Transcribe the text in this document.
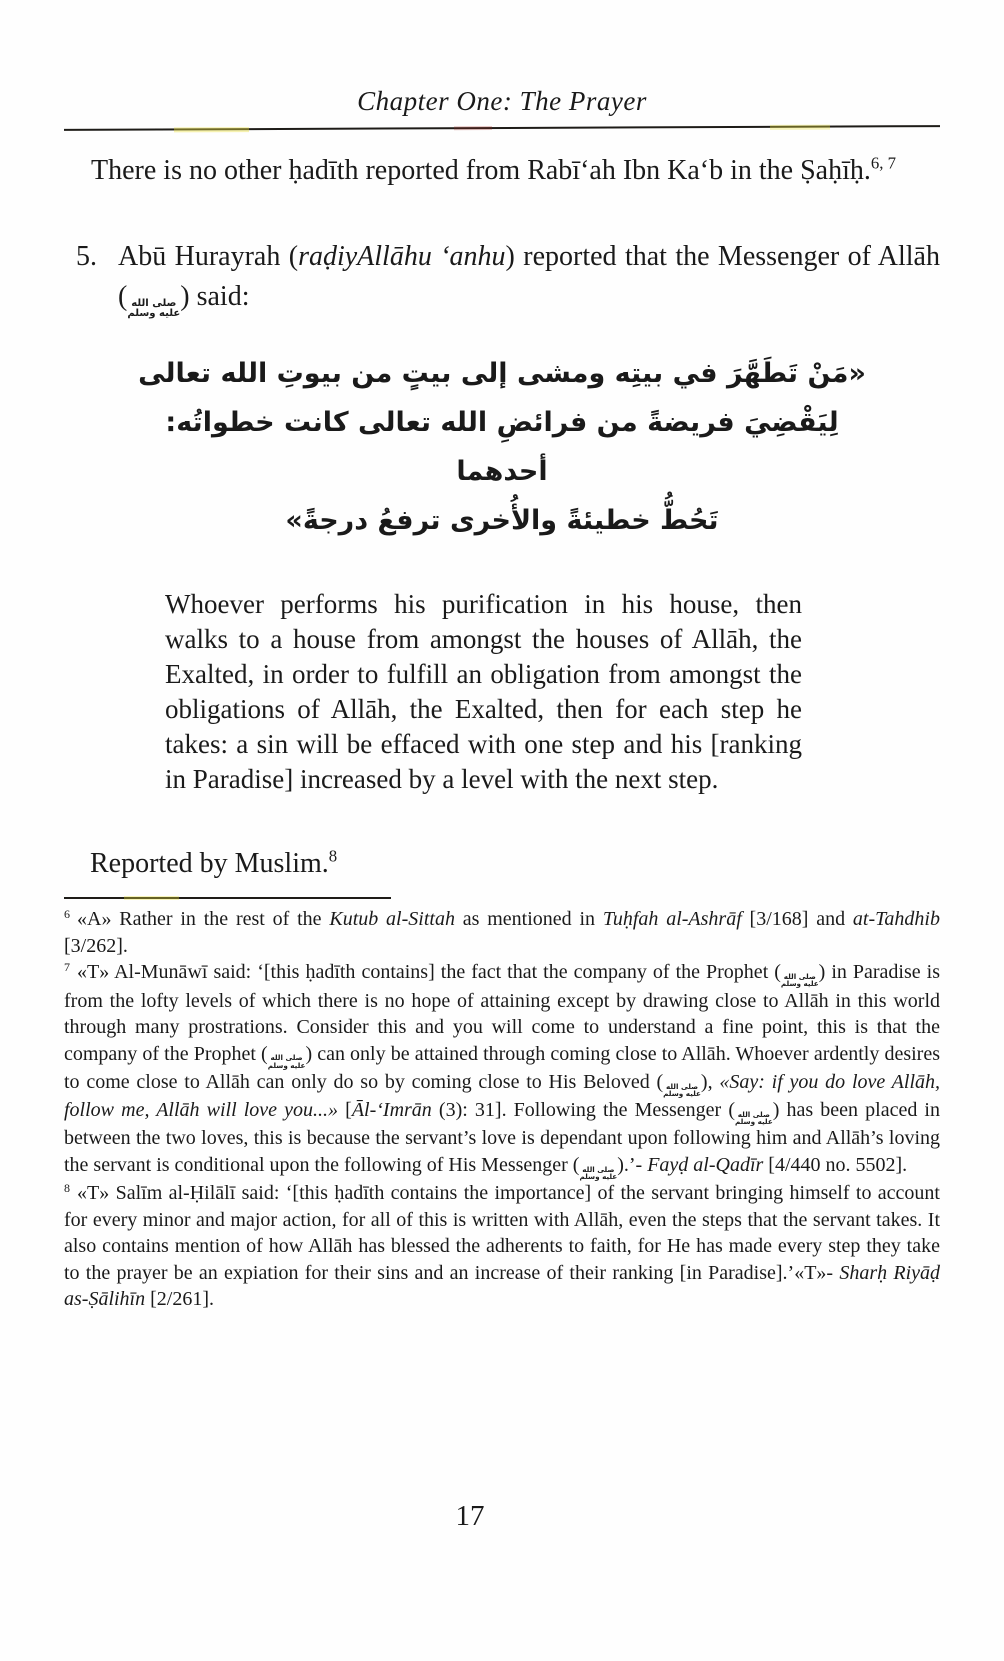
Chapter One: The Prayer

There is no other ḥadīth reported from Rabī‘ah Ibn Ka‘b in the Ṣaḥīḥ.$^{6, 7}$

5. Abū Hurayrah (raḍiyAllāhu ‘anhu) reported that the Messenger of Allāh ( صلى الله
عليه وسلم
) said:
«مَنْ تَطَهَّرَ في بيتِه ومشى إلى بيتٍ من بيوتِ الله تعالى
لِيَقْضِيَ فريضةً من فرائضِ الله تعالى كانت خطواتُه: أحدهما
تَحُطُّ خطيئةً والأُخرى ترفعُ درجةً»

Whoever performs his purification in his house, then walks to a house from amongst the houses of Allāh, the Exalted, in order to fulfill an obligation from amongst the obligations of Allāh, the Exalted, then for each step he takes: a sin will be effaced with one step and his [ranking in Paradise] increased by a level with the next step.

Reported by Muslim.$^8$

$^6$ «A» Rather in the rest of the Kutub al-Sittah as mentioned in Tuḥfah al-Ashrāf [3/168] and at-Tahdhib [3/262].

$^7$ «T» Al-Munāwī said: ‘[this ḥadīth contains] the fact that the company of the Prophet ( صلى الله
عليه وسلم
) in Paradise is from the lofty levels of which there is no hope of attaining except by drawing close to Allāh in this world through many prostrations. Consider this and you will come to understand a fine point, this is that the company of the Prophet ( صلى الله
عليه وسلم
) can only be attained through coming close to Allāh. Whoever ardently desires to come close to Allāh can only do so by coming close to His Beloved ( صلى الله
عليه وسلم
), «Say: if you do love Allāh, follow me, Allāh will love you...» [Āl-‘Imrān (3): 31]. Following the Messenger ( صلى الله
عليه وسلم
) has been placed in between the two loves, this is because the servant’s love is dependant upon following him and Allāh’s loving the servant is conditional upon the following of His Messenger ( صلى الله
عليه وسلم
).’- Fayḍ al-Qadīr [4/440 no. 5502].

$^8$ «T» Salīm al-Ḥilālī said: ‘[this ḥadīth contains the importance] of the servant bringing himself to account for every minor and major action, for all of this is written with Allāh, even the steps that the servant takes. It also contains mention of how Allāh has blessed the adherents to faith, for He has made every step they take to the prayer be an expiation for their sins and an increase of their ranking [in Paradise].’«T»- Sharḥ Riyāḍ as-Ṣālihīn [2/261].

17
